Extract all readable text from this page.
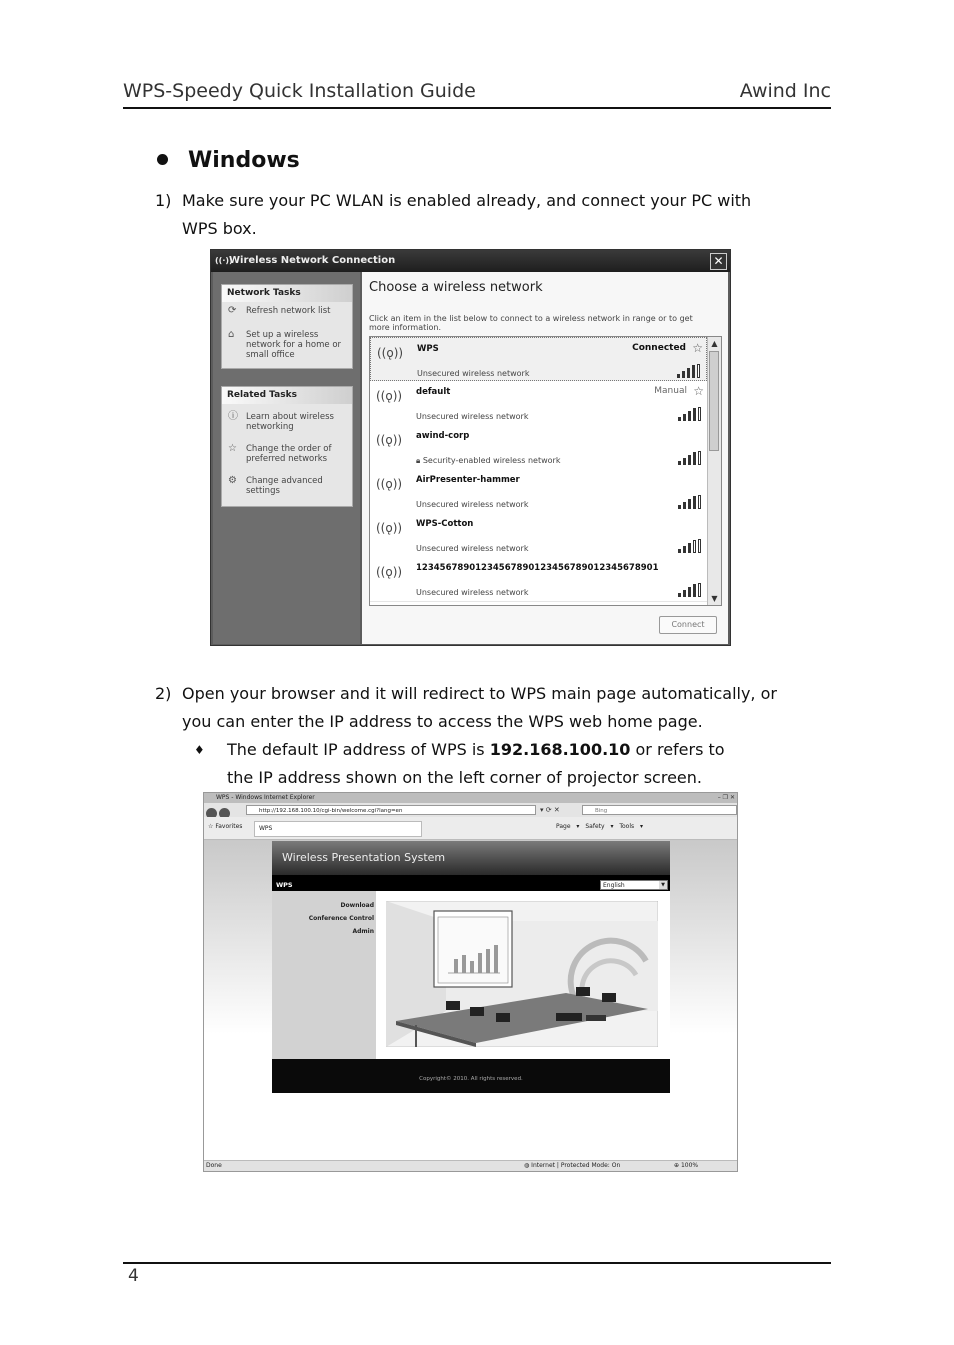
WPS-Speedy Quick Installation Guide	Awind Inc
Windows
1) Make sure your PC WLAN is enabled already, and connect your PC with WPS box.
((·))
Wireless Network Connection	✕
Network Tasks
⟳ Refresh network list
⌂ Set up a wireless network for a home or small office
Related Tasks
ⓘ Learn about wireless networking
☆ Change the order of preferred networks
⚙ Change advanced settings
Choose a wireless network
Click an item in the list below to connect to a wireless network in range or to get more information.
((ǫ)) WPS
Unsecured wireless network
Connected ☆
((ǫ)) default
Unsecured wireless network
Manual ☆
((ǫ)) awind-corp
🔒︎ Security-enabled wireless network
((ǫ)) AirPresenter-hammer
Unsecured wireless network
((ǫ)) WPS-Cotton
Unsecured wireless network
((ǫ)) 12345678901234567890123456789012345678901
Unsecured wireless network
▲
▼
Connect
2) Open your browser and it will redirect to WPS main page automatically, or you can enter the IP address to access the WPS web home page.
♦ The default IP address of WPS is 192.168.100.10 or refers to the IP address shown on the left corner of projector screen.
WPS - Windows Internet Explorer	– ❐ ✕
http://192.168.100.10/cgi-bin/welcome.cgi?lang=en	▾ ⟳ ✕	Bing
☆ Favorites	WPS	Page ▾ Safety ▾ Tools ▾
Wireless Presentation System
WPS	English	▼
Download
Conference Control
Admin
Copyright© 2010. All rights reserved.
Done	◍ Internet | Protected Mode: On	⊕ 100%
4
